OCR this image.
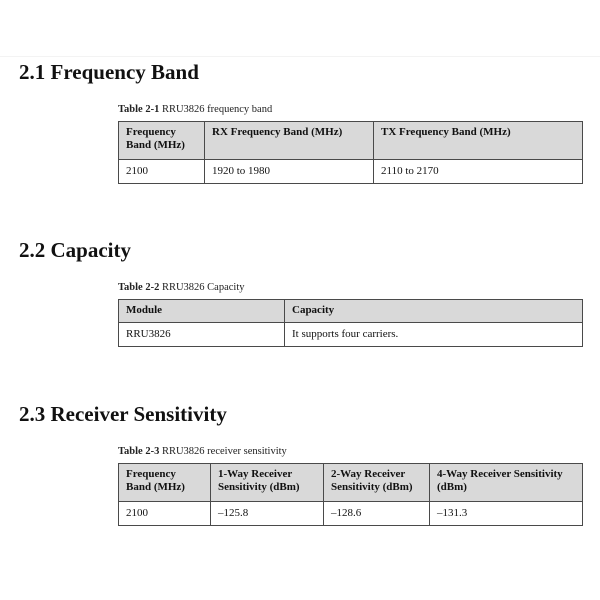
2.1 Frequency Band
Table 2-1 RRU3826 frequency band
Frequency Band (MHz)	RX Frequency Band (MHz)	TX Frequency Band (MHz)
2100	1920 to 1980	2110 to 2170
2.2 Capacity
Table 2-2 RRU3826 Capacity
Module	Capacity
RRU3826	It supports four carriers.
2.3 Receiver Sensitivity
Table 2-3 RRU3826 receiver sensitivity
Frequency Band (MHz)	1-Way Receiver Sensitivity (dBm)	2-Way Receiver Sensitivity (dBm)	4-Way Receiver Sensitivity (dBm)
2100	–125.8	–128.6	–131.3
